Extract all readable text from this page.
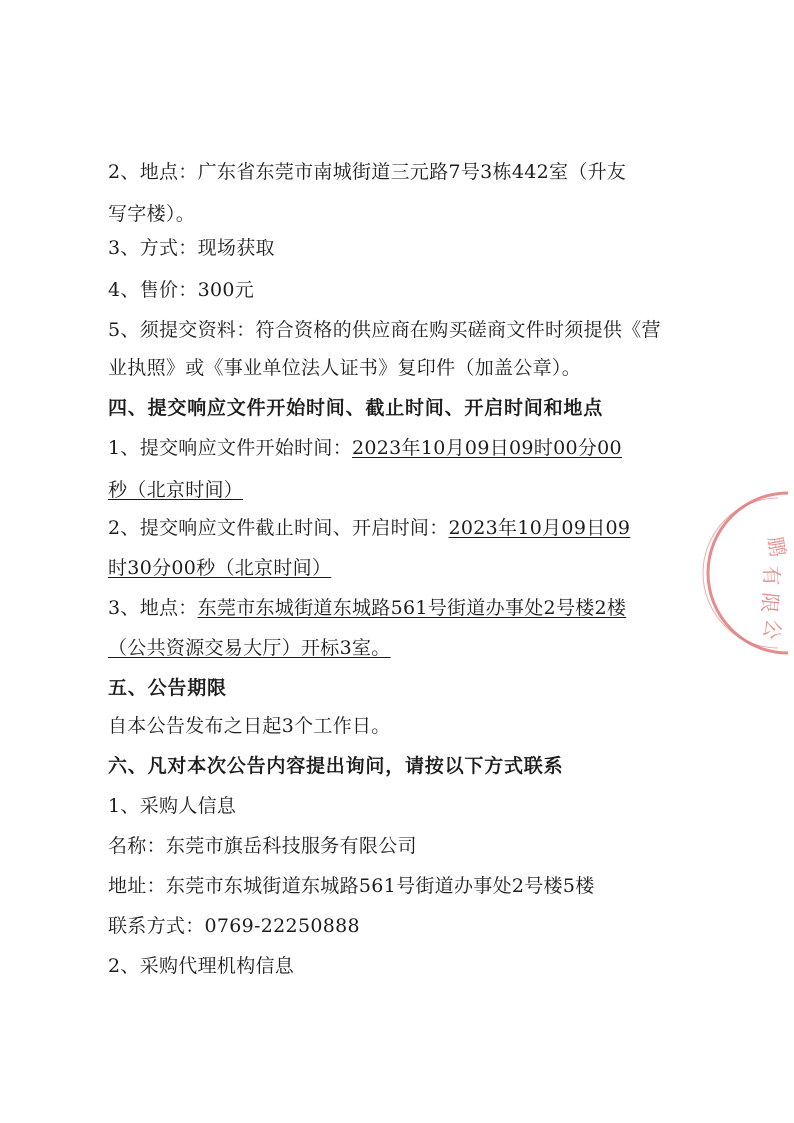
2、地点：广东省东莞市南城街道三元路7号3栋442室（升友
写字楼）。
3、方式：现场获取
4、售价：300元
5、须提交资料：符合资格的供应商在购买磋商文件时须提供《营
业执照》或《事业单位法人证书》复印件（加盖公章）。
四、提交响应文件开始时间、截止时间、开启时间和地点
1、提交响应文件开始时间：2023年10月09日09时00分00
秒（北京时间）
2、提交响应文件截止时间、开启时间：2023年10月09日09
时30分00秒（北京时间）
3、地点：东莞市东城街道东城路561号街道办事处2号楼2楼
（公共资源交易大厅）开标3室。
五、公告期限
自本公告发布之日起3个工作日。
六、凡对本次公告内容提出询问，请按以下方式联系
1、采购人信息
名称：东莞市旗岳科技服务有限公司
地址：东莞市东城街道东城路561号街道办事处2号楼5楼
联系方式：0769-22250888
2、采购代理机构信息
鹏
有
限
公
